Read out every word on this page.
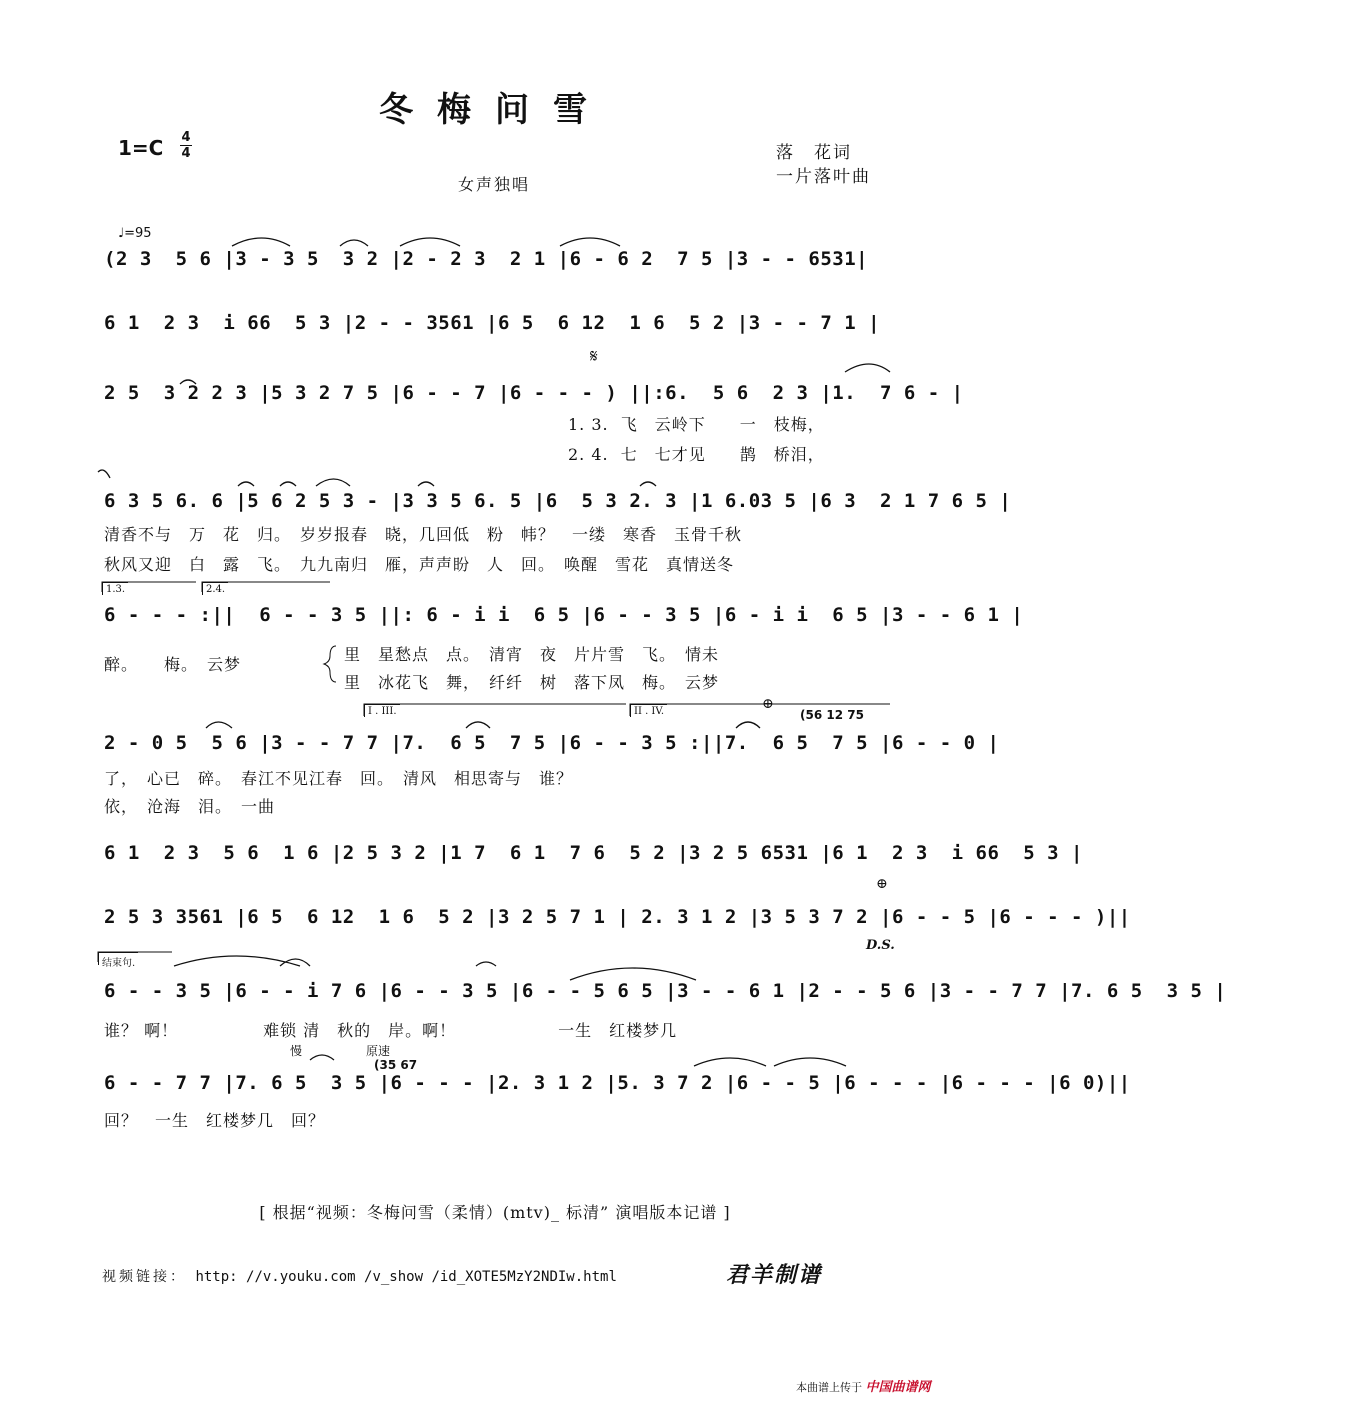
冬梅问雪
1=C 4
4	落　花词
一片落叶曲
女声独唱
♩=95
(2 3  5 6 |3 - 3 5  3 2 |2 - 2 3  2 1 |6 - 6 2  7 5 |3 - - 6531|
6 1  2 3  i 66  5 3 |2 - - 3561 |6 5  6 12  1 6  5 2 |3 - - 7 1 |
2 5  3 2 2 3 |5 3 2 7 5 |6 - - 7 |6 - - - ) ||:6.  5 6  2 3 |1.  7 6 - |
6 3 5 6. 6 |5 6 2 5 3 - |3 3 5 6. 5 |6  5 3 2. 3 |1 6.03 5 |6 3  2 1 7 6 5 |
6 - - - :||  6 - - 3 5 ||: 6 - i i  6 5 |6 - - 3 5 |6 - i i  6 5 |3 - - 6 1 |
2 - 0 5  5 6 |3 - - 7 7 |7.  6 5  7 5 |6 - - 3 5 :||7.  6 5  7 5 |6 - - 0 |
6 1  2 3  5 6  1 6 |2 5 3 2 |1 7  6 1  7 6  5 2 |3 2 5 6531 |6 1  2 3  i 66  5 3 |
2 5 3 3561 |6 5  6 12  1 6  5 2 |3 2 5 7 1 | 2. 3 1 2 |3 5 3 7 2 |6 - - 5 |6 - - - )||
6 - - 3 5 |6 - - i 7 6 |6 - - 3 5 |6 - - 5 6 5 |3 - - 6 1 |2 - - 5 6 |3 - - 7 7 |7. 6 5  3 5 |
6 - - 7 7 |7. 6 5  3 5 |6 - - - |2. 3 1 2 |5. 3 7 2 |6 - - 5 |6 - - - |6 - - - |6 0)||
𝄋
⊕
⊕
D.S.
1.3.	2.4.
I . III.	II . IV.
结束句.
慢	原速
(56 12 75
(35 67
1. 3.  飞　云岭下　　一　枝梅，
2. 4.  七　七才见　　鹊　桥泪，
清香不与　万　花　归。　岁岁报春　晓，几回低　粉　帏？　一缕　寒香　玉骨千秋
秋风又迎　白　露　飞。　九九南归　雁，声声盼　人　回。　唤醒　雪花　真情送冬
醉。　　梅。　云梦
里　星愁点　点。　清宵　夜　片片雪　飞。　情未
里　冰花飞　舞，　纤纤　树　落下凤　梅。　云梦
了，　心已　碎。　春江不见江春　回。　清风　相思寄与　谁？
依，　沧海　泪。　一曲
谁？ 啊！　　　　　难锁 清　秋的　岸。啊！　　　　　　一生　红楼梦几
回？　一生　红楼梦几　回？
[ 根据“视频：冬梅问雪（柔情）(mtv)_ 标清” 演唱版本记谱 ]
视频链接： http: //v.youku.com /v_show /id_XOTE5MzY2NDIw.html	君羊制谱
本曲谱上传于 中国曲谱网
